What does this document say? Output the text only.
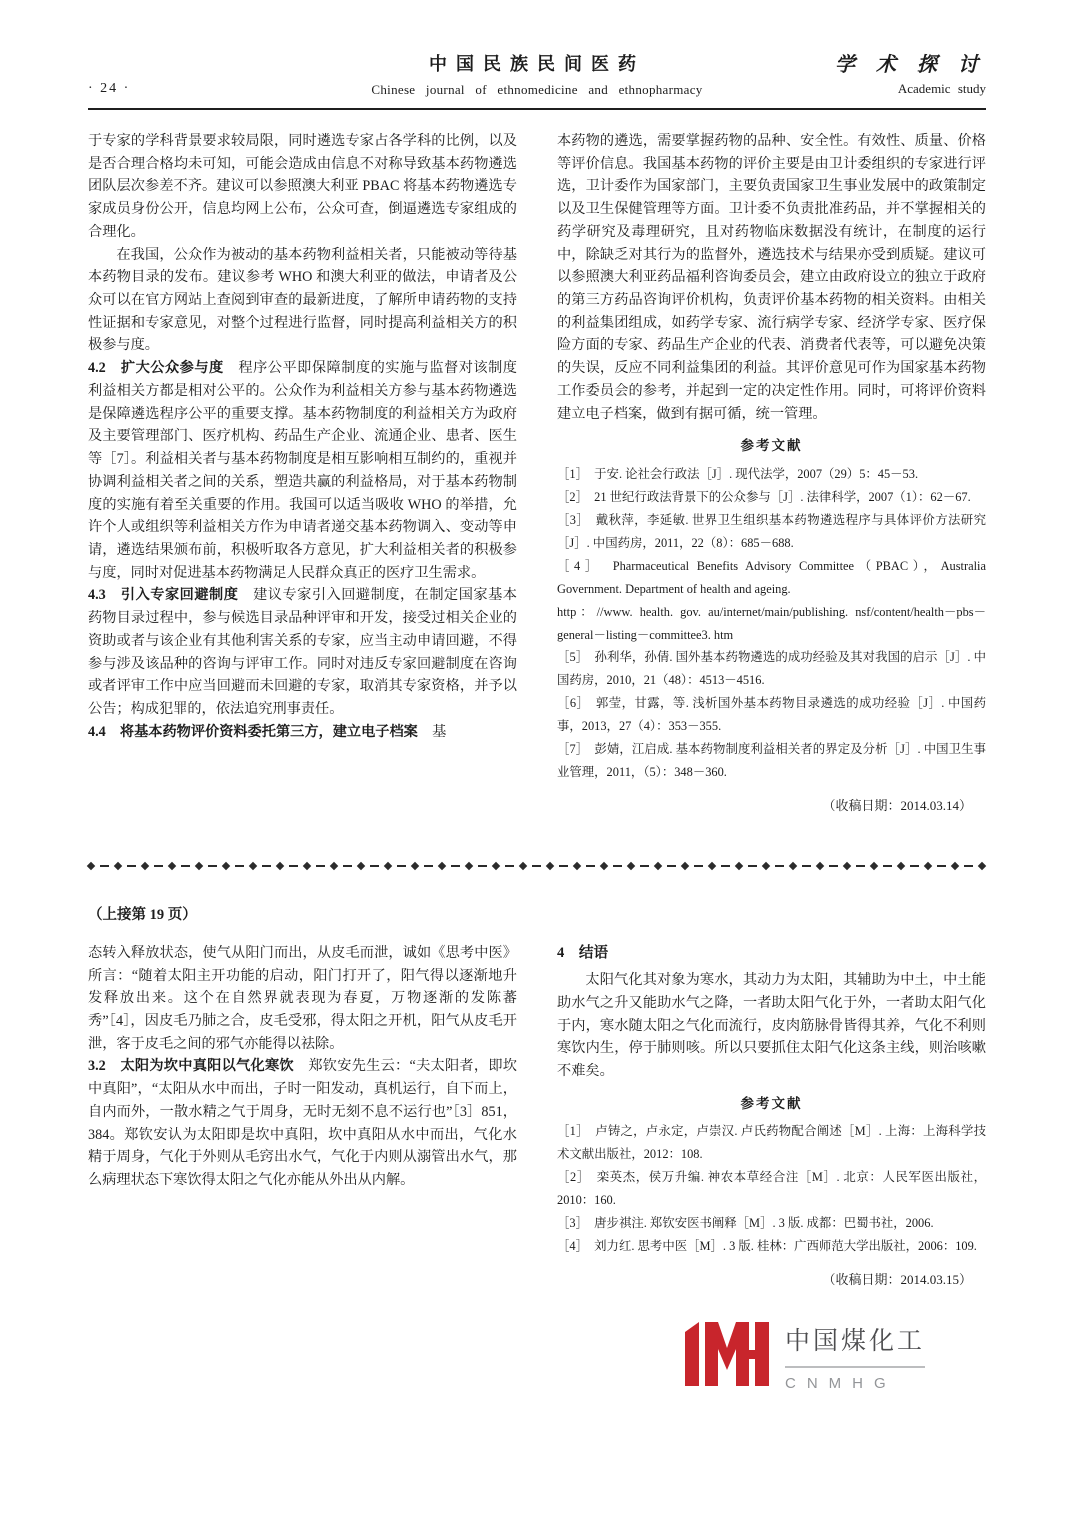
中国民族民间医药	学 术 探 讨
· 24 ·	Chinese journal of ethnomedicine and ethnopharmacy	Academic study

于专家的学科背景要求较局限，同时遴选专家占各学科的比例，以及是否合理合格均未可知，可能会造成由信息不对称导致基本药物遴选团队层次参差不齐。建议可以参照澳大利亚 PBAC 将基本药物遴选专家成员身份公开，信息均网上公布，公众可查，倒逼遴选专家组成的合理化。

在我国，公众作为被动的基本药物利益相关者，只能被动等待基本药物目录的发布。建议参考 WHO 和澳大利亚的做法，申请者及公众可以在官方网站上查阅到审查的最新进度，了解所申请药物的支持性证据和专家意见，对整个过程进行监督，同时提高利益相关方的积极参与度。

4.2　扩大公众参与度　程序公平即保障制度的实施与监督对该制度利益相关方都是相对公平的。公众作为利益相关方参与基本药物遴选是保障遴选程序公平的重要支撑。基本药物制度的利益相关方为政府及主要管理部门、医疗机构、药品生产企业、流通企业、患者、医生等［7］。利益相关者与基本药物制度是相互影响相互制约的，重视并协调利益相关者之间的关系，塑造共赢的利益格局，对于基本药物制度的实施有着至关重要的作用。我国可以适当吸收 WHO 的举措，允许个人或组织等利益相关方作为申请者递交基本药物调入、变动等申请，遴选结果颁布前，积极听取各方意见，扩大利益相关者的积极参与度，同时对促进基本药物满足人民群众真正的医疗卫生需求。

4.3　引入专家回避制度　建议专家引入回避制度，在制定国家基本药物目录过程中，参与候选目录品种评审和开发，接受过相关企业的资助或者与该企业有其他利害关系的专家，应当主动申请回避，不得参与涉及该品种的咨询与评审工作。同时对违反专家回避制度在咨询或者评审工作中应当回避而未回避的专家，取消其专家资格，并予以公告；构成犯罪的，依法追究刑事责任。

4.4　将基本药物评价资料委托第三方，建立电子档案　基

本药物的遴选，需要掌握药物的品种、安全性。有效性、质量、价格等评价信息。我国基本药物的评价主要是由卫计委组织的专家进行评选，卫计委作为国家部门，主要负责国家卫生事业发展中的政策制定以及卫生保健管理等方面。卫计委不负责批准药品，并不掌握相关的药学研究及毒理研究，且对药物临床数据没有统计，在制度的运行中，除缺乏对其行为的监督外，遴选技术与结果亦受到质疑。建议可以参照澳大利亚药品福利咨询委员会，建立由政府设立的独立于政府的第三方药品咨询评价机构，负责评价基本药物的相关资料。由相关的利益集团组成，如药学专家、流行病学专家、经济学专家、医疗保险方面的专家、药品生产企业的代表、消费者代表等，可以避免决策的失误，反应不同利益集团的利益。其评价意见可作为国家基本药物工作委员会的参考，并起到一定的决定性作用。同时，可将评价资料建立电子档案，做到有据可循，统一管理。

参考文献

［1］　于安. 论社会行政法［J］. 现代法学，2007（29）5：45－53.

［2］　21 世纪行政法背景下的公众参与［J］. 法律科学，2007（1）：62－67.

［3］　戴秋萍，李延敏. 世界卫生组织基本药物遴选程序与具体评价方法研究［J］. 中国药房，2011，22（8）：685－688.

［4］　Pharmaceutical Benefits Advisory Committee（PBAC），Australia Government. Department of health and ageing.

http：//www. health. gov. au/internet/main/publishing. nsf/content/health－pbs－general－listing－committee3. htm

［5］　孙利华，孙倩. 国外基本药物遴选的成功经验及其对我国的启示［J］. 中国药房，2010，21（48）：4513－4516.

［6］　郭莹，甘露，等. 浅析国外基本药物目录遴选的成功经验［J］. 中国药事，2013，27（4）：353－355.

［7］　彭婧，江启成. 基本药物制度利益相关者的界定及分析［J］. 中国卫生事业管理，2011，（5）：348－360.

（收稿日期：2014.03.14）
（上接第 19 页）

态转入释放状态，使气从阳门而出，从皮毛而泄，诚如《思考中医》所言：“随着太阳主开功能的启动，阳门打开了，阳气得以逐渐地升发释放出来。这个在自然界就表现为春夏，万物逐渐的发陈蕃秀”［4］，因皮毛乃肺之合，皮毛受邪，得太阳之开机，阳气从皮毛开泄，客于皮毛之间的邪气亦能得以祛除。

3.2　太阳为坎中真阳以气化寒饮　郑钦安先生云：“夫太阳者，即坎中真阳”，“太阳从水中而出，子时一阳发动，真机运行，自下而上，自内而外，一散水精之气于周身，无时无刻不息不运行也”［3］851，384。郑钦安认为太阳即是坎中真阳，坎中真阳从水中而出，气化水精于周身，气化于外则从毛窍出水气，气化于内则从溺管出水气，那么病理状态下寒饮得太阳之气化亦能从外出从内解。

4　结语

太阳气化其对象为寒水，其动力为太阳，其辅助为中土，中土能助水气之升又能助水气之降，一者助太阳气化于外，一者助太阳气化于内，寒水随太阳之气化而流行，皮肉筋脉骨皆得其养，气化不利则寒饮内生，停于肺则咳。所以只要抓住太阳气化这条主线，则治咳嗽不难矣。

参考文献

［1］　卢铸之，卢永定，卢崇汉. 卢氏药物配合阐述［M］. 上海：上海科学技术文献出版社，2012：108.

［2］　栾英杰，侯万升编. 神农本草经合注［M］. 北京：人民军医出版社，2010：160.

［3］　唐步祺注. 郑钦安医书阐释［M］. 3 版. 成都：巴蜀书社，2006.

［4］　刘力红. 思考中医［M］. 3 版. 桂林：广西师范大学出版社，2006：109.

（收稿日期：2014.03.15）
中国煤化工
CNMHG
